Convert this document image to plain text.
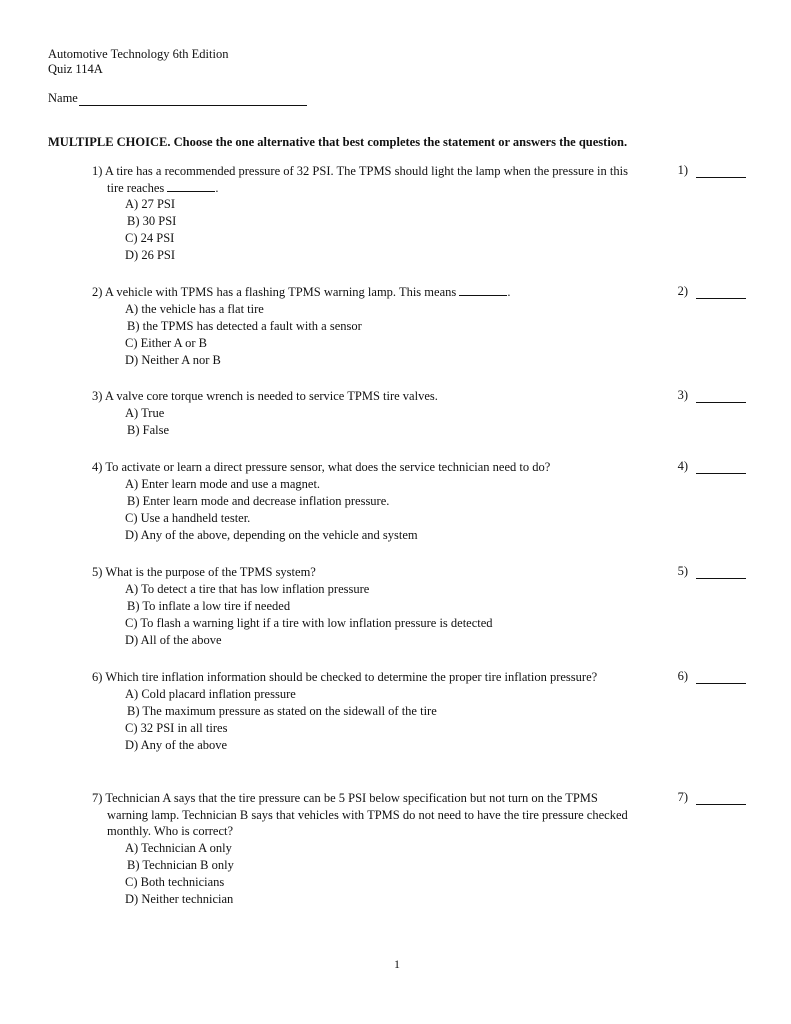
Automotive Technology 6th Edition
Quiz 114A
Name
MULTIPLE CHOICE. Choose the one alternative that best completes the statement or answers the question.
1) A tire has a recommended pressure of 32 PSI. The TPMS should light the lamp when the pressure in this tire reaches	.
1)
A) 27 PSI
B) 30 PSI
C) 24 PSI
D) 26 PSI
2) A vehicle with TPMS has a flashing TPMS warning lamp. This means	.	2)
A) the vehicle has a flat tire
B) the TPMS has detected a fault with a sensor
C) Either A or B
D) Neither A nor B
3) A valve core torque wrench is needed to service TPMS tire valves.	3)
A) True
B) False
4) To activate or learn a direct pressure sensor, what does the service technician need to do?	4)
A) Enter learn mode and use a magnet.
B) Enter learn mode and decrease inflation pressure.
C) Use a handheld tester.
D) Any of the above, depending on the vehicle and system
5) What is the purpose of the TPMS system?	5)
A) To detect a tire that has low inflation pressure
B) To inflate a low tire if needed
C) To flash a warning light if a tire with low inflation pressure is detected
D) All of the above
6) Which tire inflation information should be checked to determine the proper tire inflation pressure?	6)
A) Cold placard inflation pressure
B) The maximum pressure as stated on the sidewall of the tire
C) 32 PSI in all tires
D) Any of the above
7) Technician A says that the tire pressure can be 5 PSI below specification but not turn on the TPMS warning lamp. Technician B says that vehicles with TPMS do not need to have the tire pressure checked monthly. Who is correct?
7)
A) Technician A only
B) Technician B only
C) Both technicians
D) Neither technician
1
